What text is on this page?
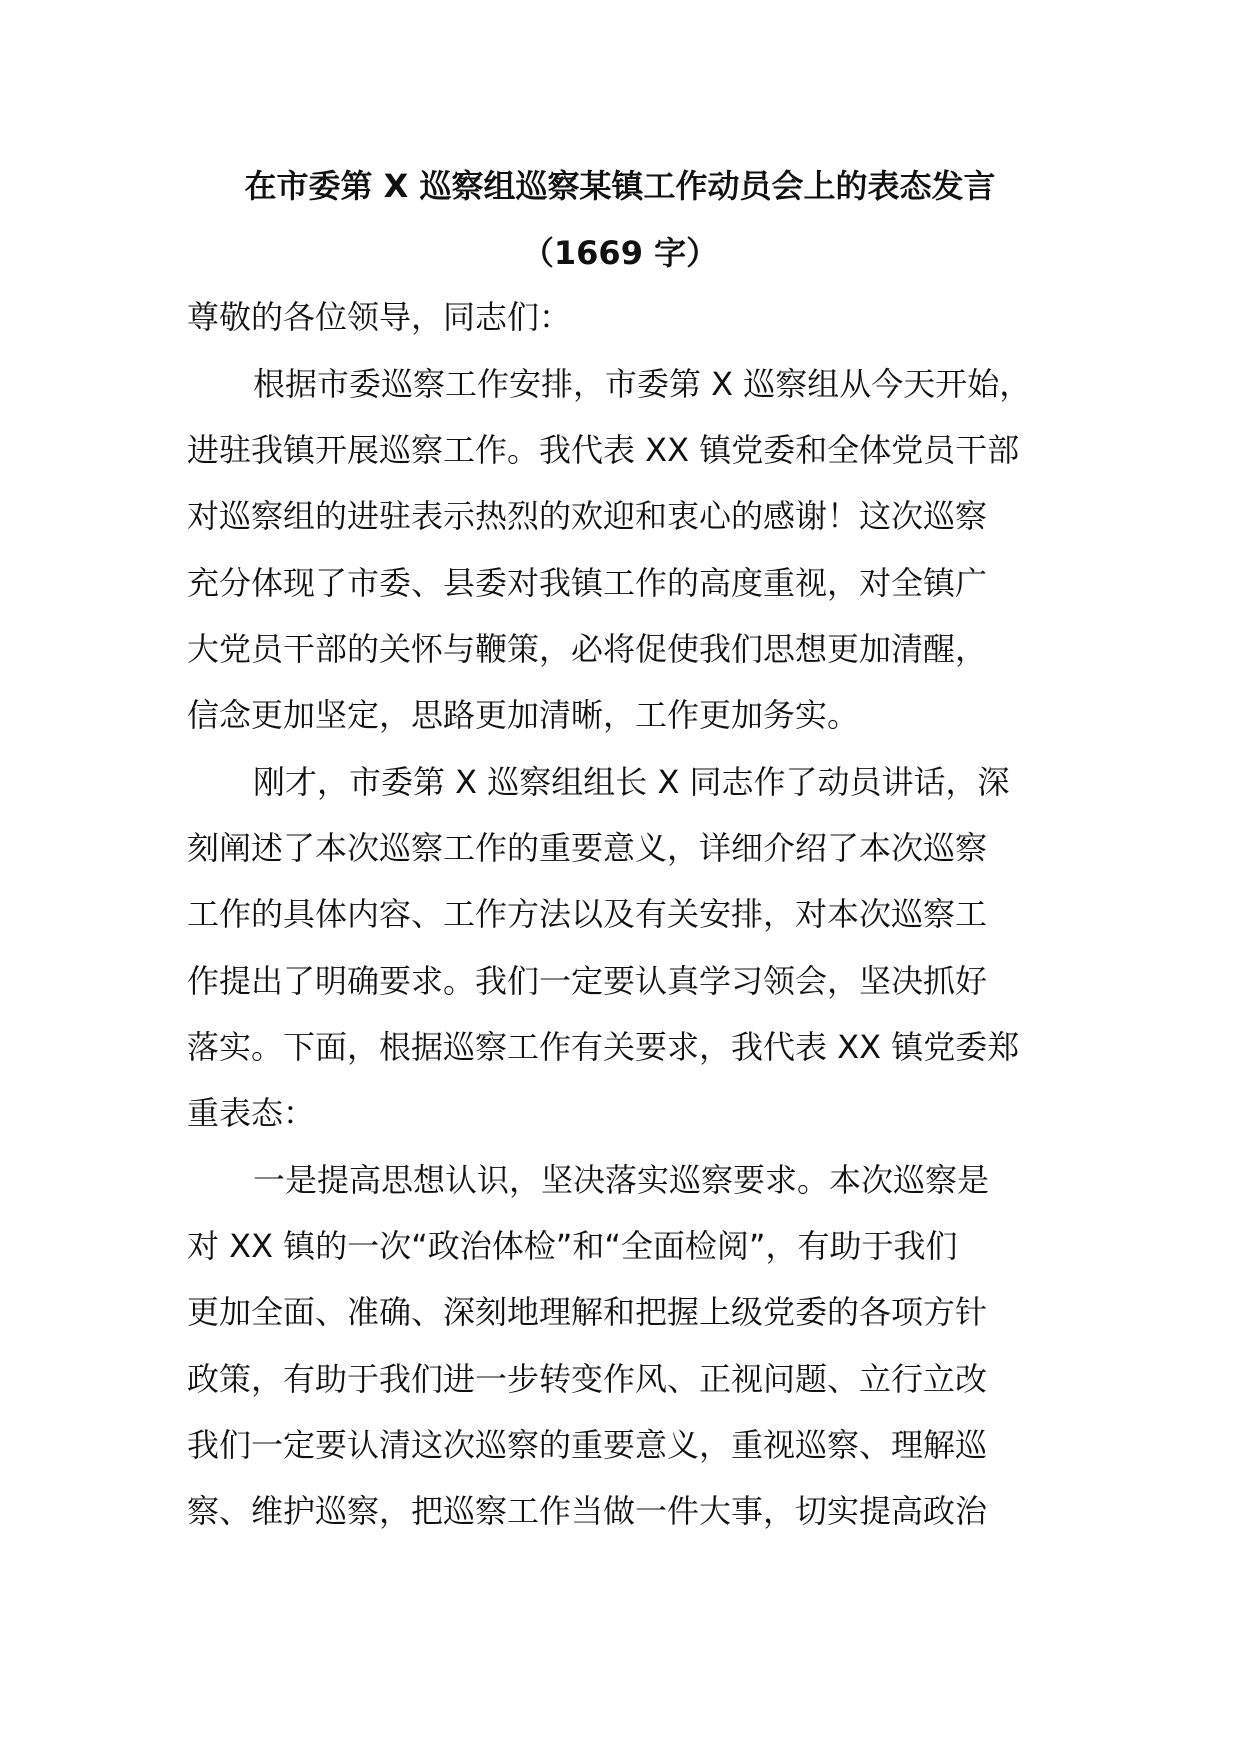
在市委第 X 巡察组巡察某镇工作动员会上的表态发言

（1669 字）

尊敬的各位领导，同志们：

根据市委巡察工作安排，市委第 X 巡察组从今天开始，

进驻我镇开展巡察工作。我代表 XX 镇党委和全体党员干部

对巡察组的进驻表示热烈的欢迎和衷心的感谢！这次巡察

充分体现了市委、县委对我镇工作的高度重视，对全镇广

大党员干部的关怀与鞭策，必将促使我们思想更加清醒，

信念更加坚定，思路更加清晰，工作更加务实。

刚才，市委第 X 巡察组组长 X 同志作了动员讲话，深

刻阐述了本次巡察工作的重要意义，详细介绍了本次巡察

工作的具体内容、工作方法以及有关安排，对本次巡察工

作提出了明确要求。我们一定要认真学习领会，坚决抓好

落实。下面，根据巡察工作有关要求，我代表 XX 镇党委郑

重表态：

一是提高思想认识，坚决落实巡察要求。本次巡察是

对 XX 镇的一次“政治体检”和“全面检阅”，有助于我们

更加全面、准确、深刻地理解和把握上级党委的各项方针

政策，有助于我们进一步转变作风、正视问题、立行立改

我们一定要认清这次巡察的重要意义，重视巡察、理解巡

察、维护巡察，把巡察工作当做一件大事，切实提高政治
